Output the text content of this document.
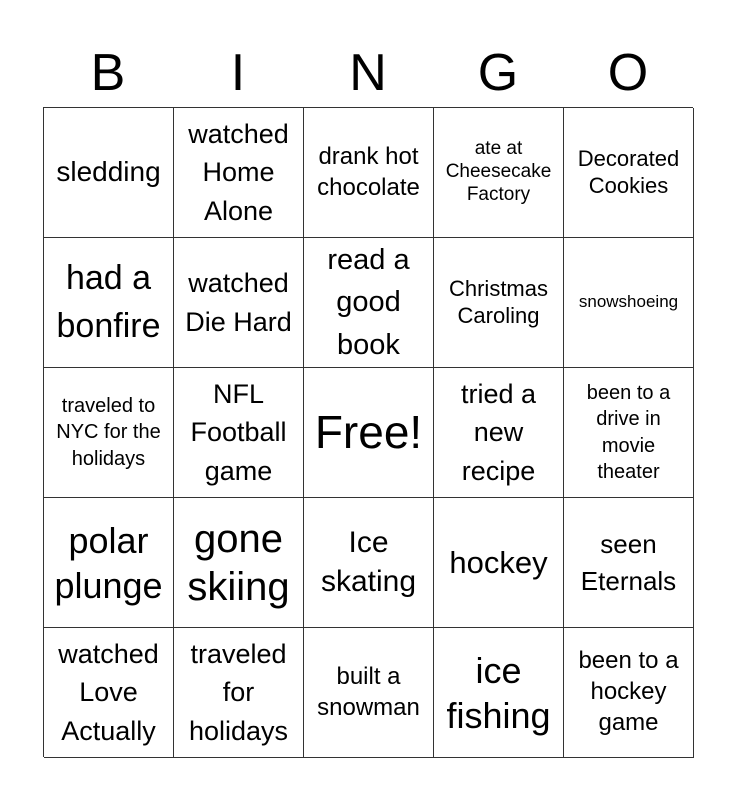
B	I	N	G	O
sledding
watched Home Alone
drank hot chocolate
ate at Cheesecake Factory
Decorated Cookies
had a bonfire
watched Die Hard
read a good book
Christmas Caroling
snowshoeing
traveled to NYC for the holidays
NFL Football game
Free!
tried a new recipe
been to a drive in movie theater
polar plunge
gone skiing
Ice skating
hockey
seen Eternals
watched Love Actually
traveled for holidays
built a snowman
ice fishing
been to a hockey game
